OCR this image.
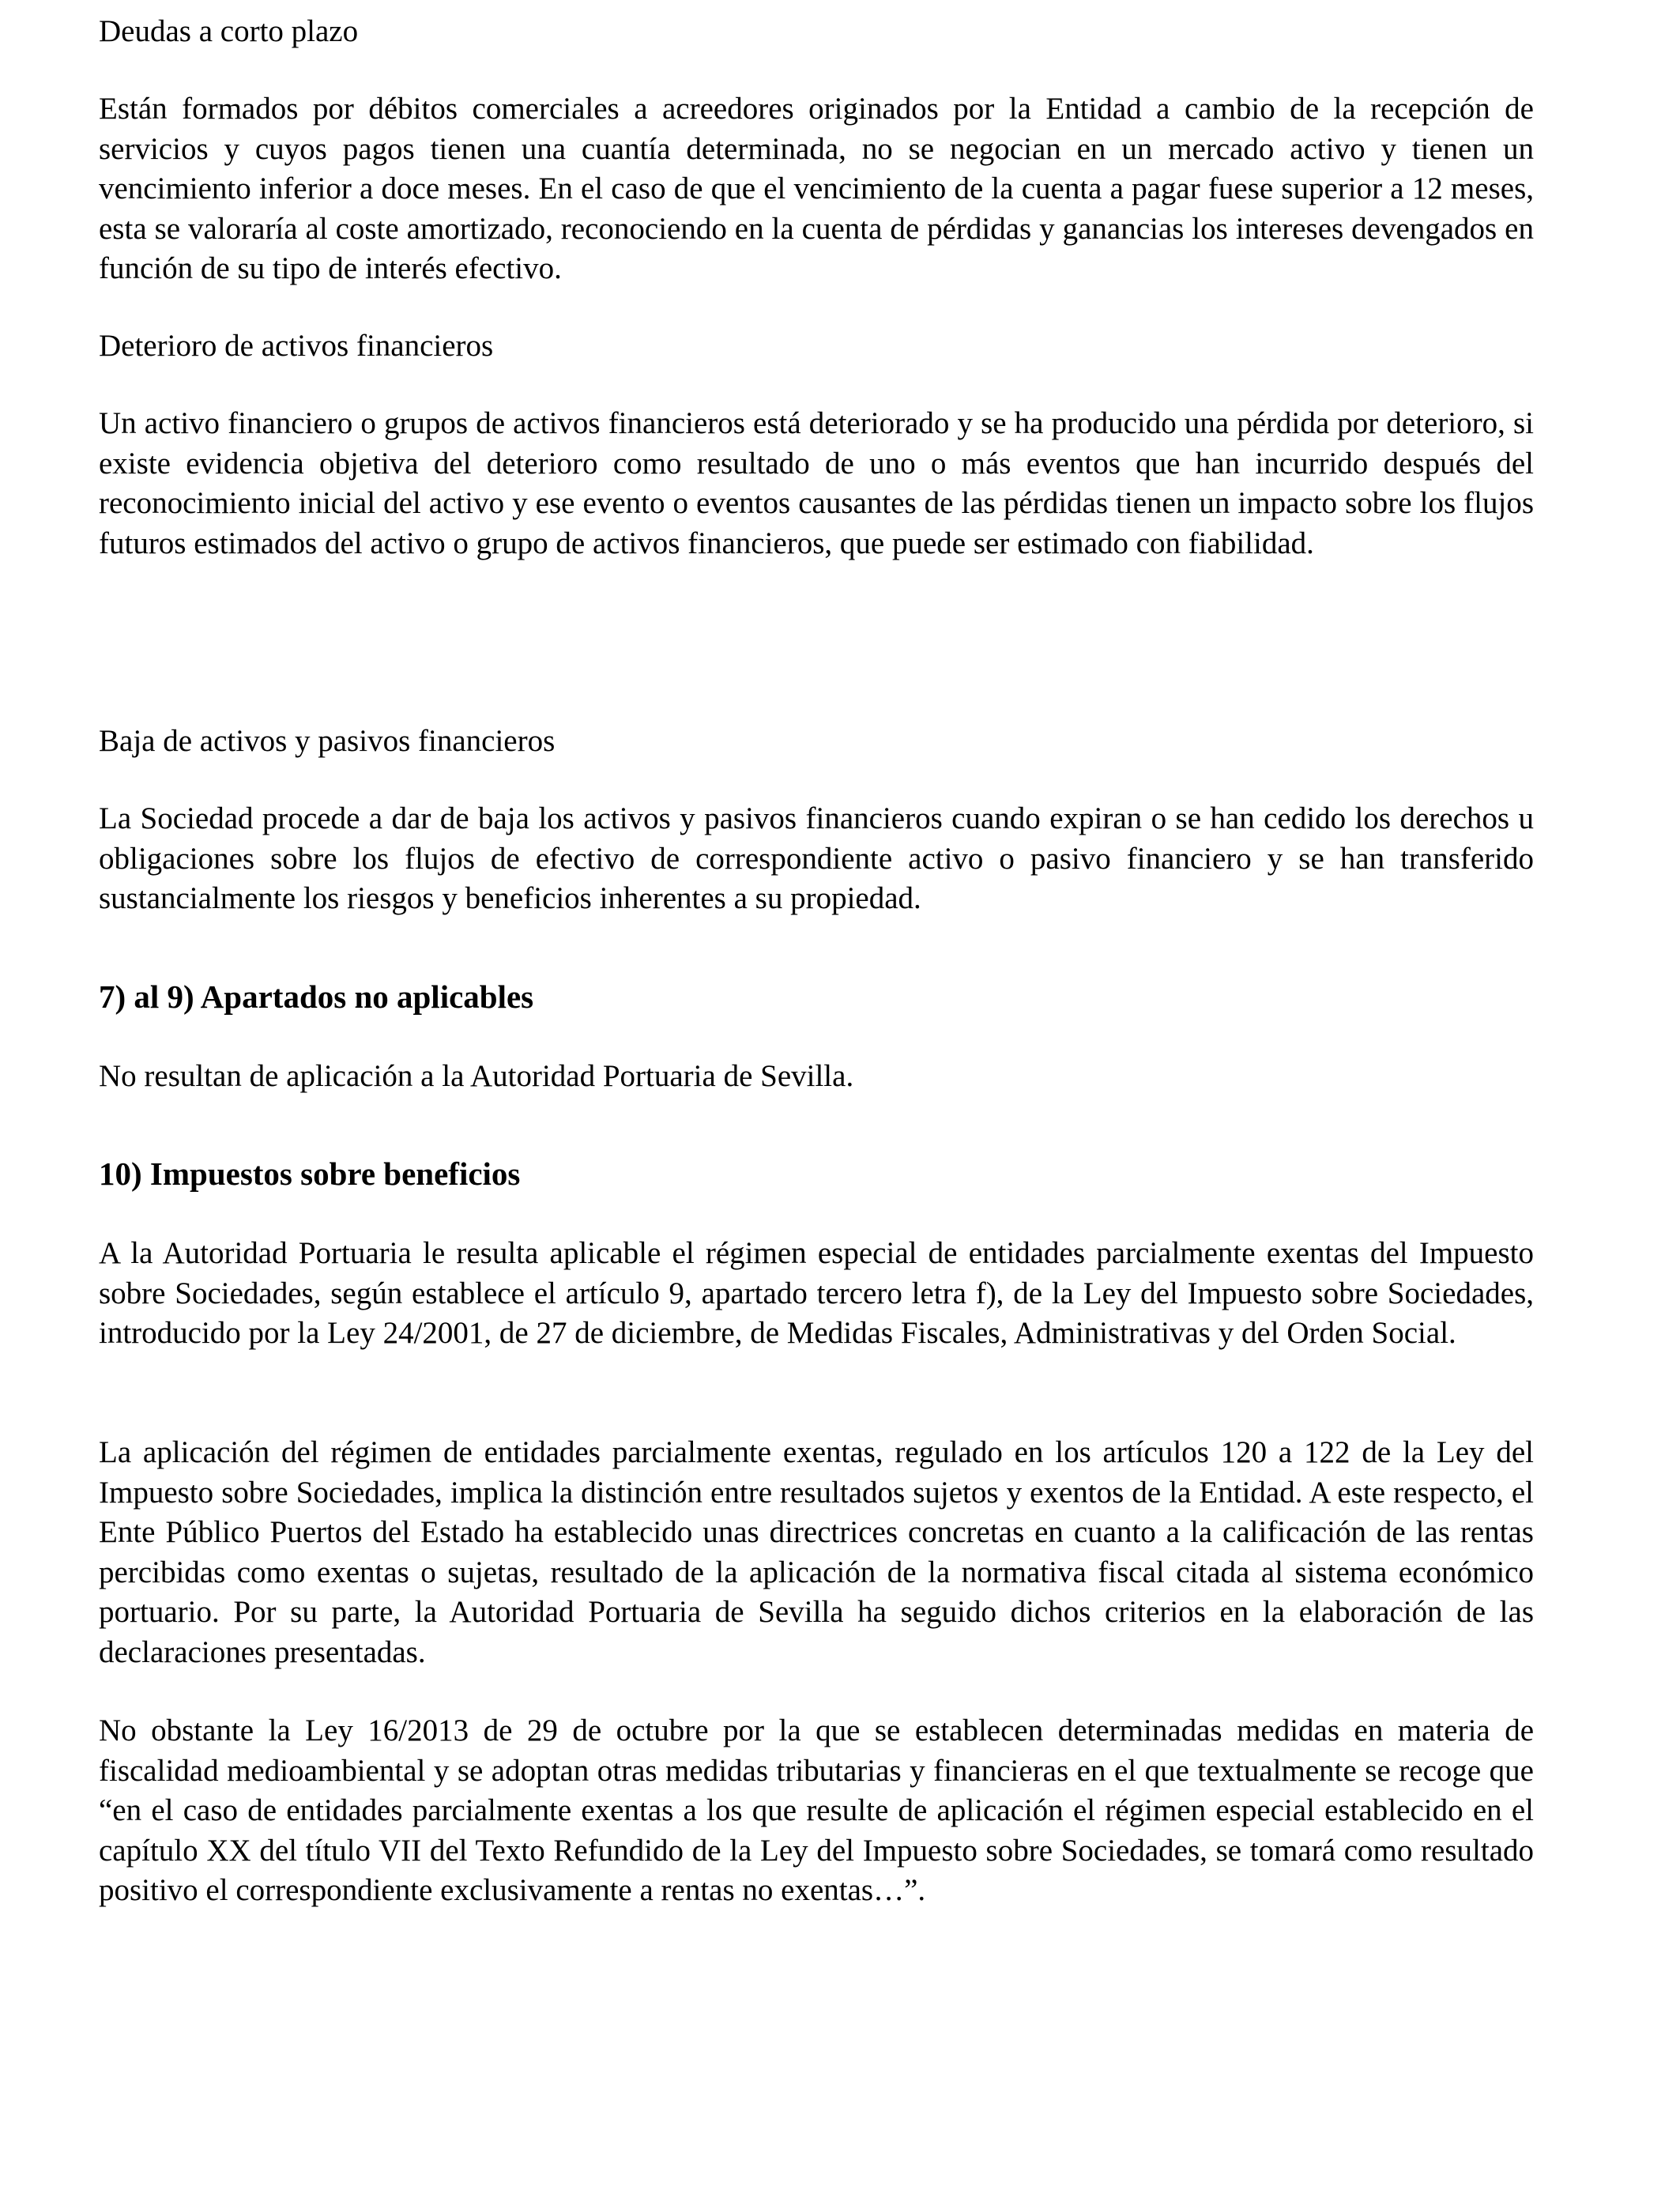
Deudas a corto plazo

Están formados por débitos comerciales a acreedores originados por la Entidad a cambio de la recepción de servicios y cuyos pagos tienen una cuantía determinada, no se negocian en un mercado activo y tienen un vencimiento inferior a doce meses. En el caso de que el vencimiento de la cuenta a pagar fuese superior a 12 meses, esta se valoraría al coste amortizado, reconociendo en la cuenta de pérdidas y ganancias los intereses devengados en función de su tipo de interés efectivo.

Deterioro de activos financieros

Un activo financiero o grupos de activos financieros está deteriorado y se ha producido una pérdida por deterioro, si existe evidencia objetiva del deterioro como resultado de uno o más eventos que han incurrido después del reconocimiento inicial del activo y ese evento o eventos causantes de las pérdidas tienen un impacto sobre los flujos futuros estimados del activo o grupo de activos financieros, que puede ser estimado con fiabilidad.

Baja de activos y pasivos financieros

La Sociedad procede a dar de baja los activos y pasivos financieros cuando expiran o se han cedido los derechos u obligaciones sobre los flujos de efectivo de correspondiente activo o pasivo financiero y se han transferido sustancialmente los riesgos y beneficios inherentes a su propiedad.

7) al 9) Apartados no aplicables

No resultan de aplicación a la Autoridad Portuaria de Sevilla.

10) Impuestos sobre beneficios

A la Autoridad Portuaria le resulta aplicable el régimen especial de entidades parcialmente exentas del Impuesto sobre Sociedades, según establece el artículo 9, apartado tercero letra f), de la Ley del Impuesto sobre Sociedades, introducido por la Ley 24/2001, de 27 de diciembre, de Medidas Fiscales, Administrativas y del Orden Social.

La aplicación del régimen de entidades parcialmente exentas, regulado en los artículos 120 a 122 de la Ley del Impuesto sobre Sociedades, implica la distinción entre resultados sujetos y exentos de la Entidad. A este respecto, el Ente Público Puertos del Estado ha establecido unas directrices concretas en cuanto a la calificación de las rentas percibidas como exentas o sujetas, resultado de la aplicación de la normativa fiscal citada al sistema económico portuario. Por su parte, la Autoridad Portuaria de Sevilla ha seguido dichos criterios en la elaboración de las declaraciones presentadas.

No obstante la Ley 16/2013 de 29 de octubre por la que se establecen determinadas medidas en materia de fiscalidad medioambiental y se adoptan otras medidas tributarias y financieras en el que textualmente se recoge que “en el caso de entidades parcialmente exentas a los que resulte de aplicación el régimen especial establecido en el capítulo XX del título VII del Texto Refundido de la Ley del Impuesto sobre Sociedades, se tomará como resultado positivo el correspondiente exclusivamente a rentas no exentas…”.
